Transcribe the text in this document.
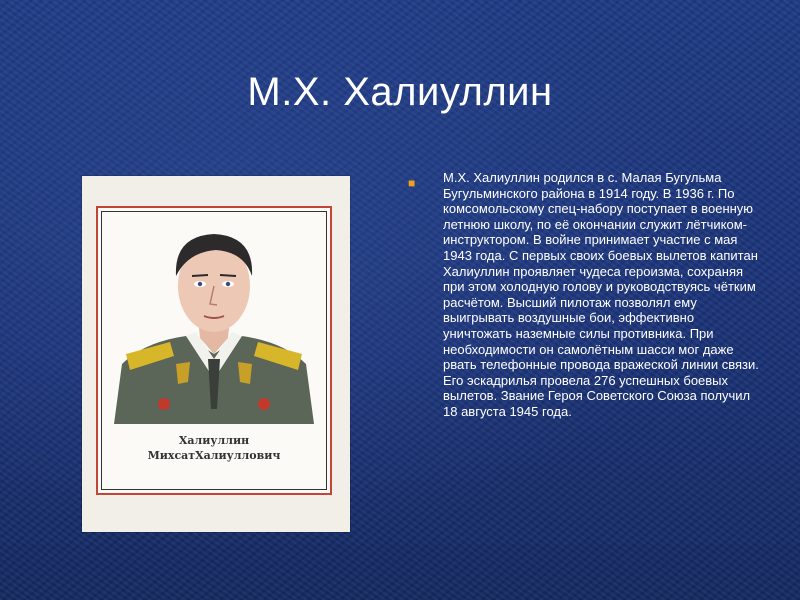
М.Х. Халиуллин
Халиуллин
МихсатХалиуллович
■ М.Х. Халиуллин родился в с. Малая Бугульма Бугульминского района в 1914 году. В 1936 г. По комсомольскому спец-набору поступает в военную летнюю школу, по её окончании служит лётчиком-инструктором. В войне принимает участие с мая 1943 года. С первых своих боевых вылетов капитан Халиуллин проявляет чудеса героизма, сохраняя при этом холодную голову и руководствуясь чётким расчётом. Высший пилотаж позволял ему выигрывать воздушные бои, эффективно уничтожать наземные силы противника. При необходимости он самолётным шасси мог даже рвать телефонные провода вражеской линии связи. Его эскадрилья провела 276 успешных боевых вылетов. Звание Героя Советского Союза получил 18 августа 1945 года.
